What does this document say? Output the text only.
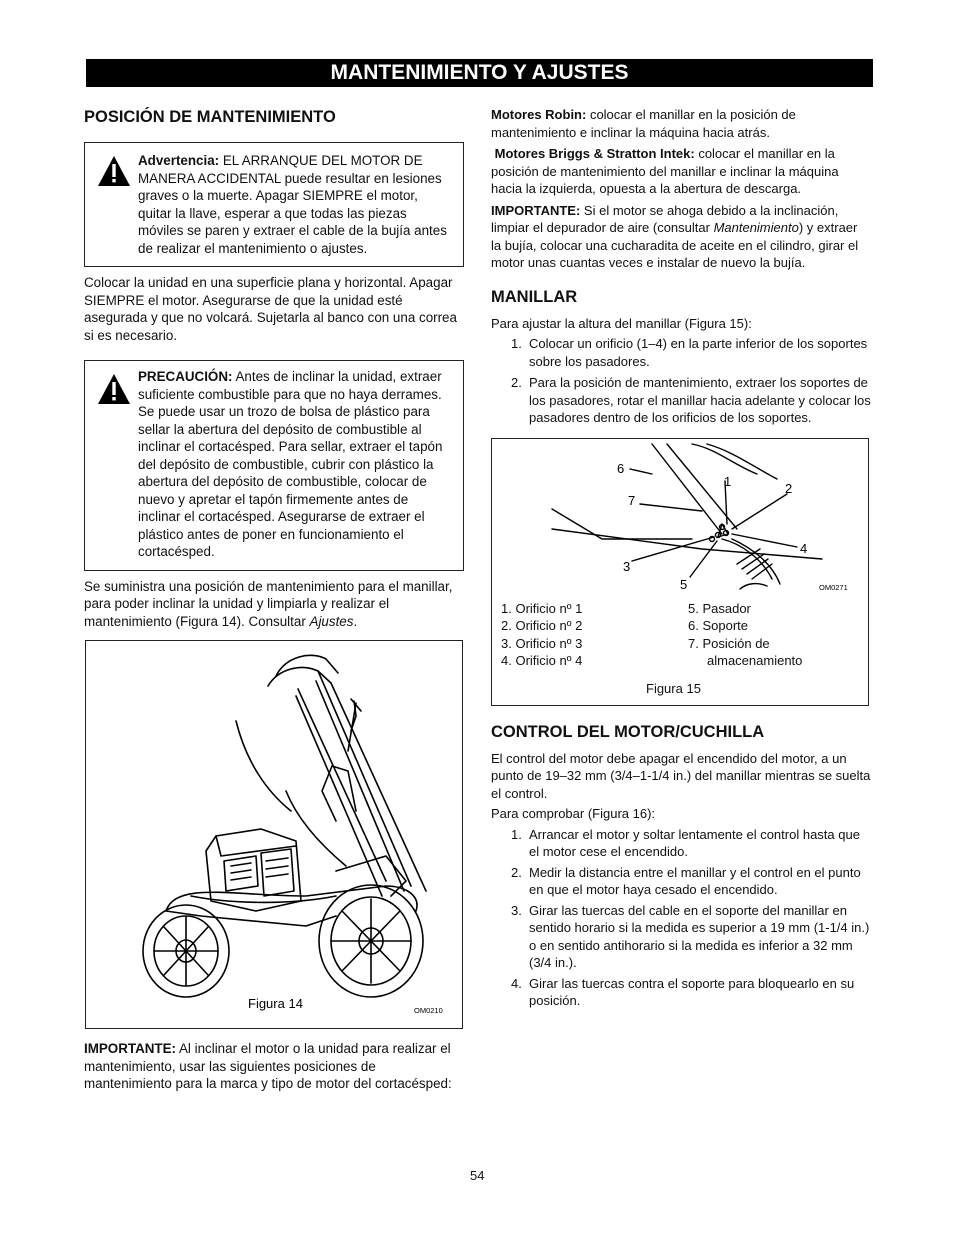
MANTENIMIENTO Y AJUSTES
POSICIÓN DE MANTENIMIENTO

Advertencia: EL ARRANQUE DEL MOTOR DE MANERA ACCIDENTAL puede resultar en lesiones graves o la muerte. Apagar SIEMPRE el motor, quitar la llave, esperar a que todas las piezas móviles se paren y extraer el cable de la bujía antes de realizar el mantenimiento o ajustes.

Colocar la unidad en una superficie plana y horizontal. Apagar SIEMPRE el motor. Asegurarse de que la unidad esté asegurada y que no volcará. Sujetarla al banco con una correa si es necesario.

PRECAUCIÓN: Antes de inclinar la unidad, extraer suficiente combustible para que no haya derrames. Se puede usar un trozo de bolsa de plástico para sellar la abertura del depósito de combustible al inclinar el cortacésped. Para sellar, extraer el tapón del depósito de combustible, cubrir con plástico la abertura del depósito de combustible, colocar de nuevo y apretar el tapón firmemente antes de inclinar el cortacésped. Asegurarse de extraer el plástico antes de poner en funcionamiento el cortacésped.

Se suministra una posición de mantenimiento para el manillar, para poder inclinar la unidad y limpiarla y realizar el mantenimiento (Figura 14). Consultar Ajustes.

Figura 14	OM0210

IMPORTANTE: Al inclinar el motor o la unidad para realizar el mantenimiento, usar las siguientes posiciones de mantenimiento para la marca y tipo de motor del cortacésped:

Motores Robin: colocar el manillar en la posición de mantenimiento e inclinar la máquina hacia atrás.

Motores Briggs & Stratton Intek: colocar el manillar en la posición de mantenimiento del manillar e inclinar la máquina hacia la izquierda, opuesta a la abertura de descarga.

IMPORTANTE: Si el motor se ahoga debido a la inclinación, limpiar el depurador de aire (consultar Mantenimiento) y extraer la bujía, colocar una cucharadita de aceite en el cilindro, girar el motor unas cuantas veces e instalar de nuevo la bujía.

MANILLAR

Para ajustar la altura del manillar (Figura 15):

1. Colocar un orificio (1–4) en la parte inferior de los soportes sobre los pasadores.
2. Para la posición de mantenimiento, extraer los soportes de los pasadores, rotar el manillar hacia adelante y colocar los pasadores dentro de los orificios de los soportes.
6
1	2
7
4
3
5	OM0271
1. Orificio nº 1
2. Orificio nº 2
3. Orificio nº 3
4. Orificio nº 4
5. Pasador
6. Soporte
7. Posición de
almacenamiento
Figura 15
CONTROL DEL MOTOR/CUCHILLA

El control del motor debe apagar el encendido del motor, a un punto de 19–32 mm (3/4–1-1/4 in.) del manillar mientras se suelta el control.

Para comprobar (Figura 16):

1. Arrancar el motor y soltar lentamente el control hasta que el motor cese el encendido.
2. Medir la distancia entre el manillar y el control en el punto en que el motor haya cesado el encendido.
3. Girar las tuercas del cable en el soporte del manillar en sentido horario si la medida es superior a 19 mm (1-1/4 in.) o en sentido antihorario si la medida es inferior a 32 mm (3/4 in.).
4. Girar las tuercas contra el soporte para bloquearlo en su posición.
54
